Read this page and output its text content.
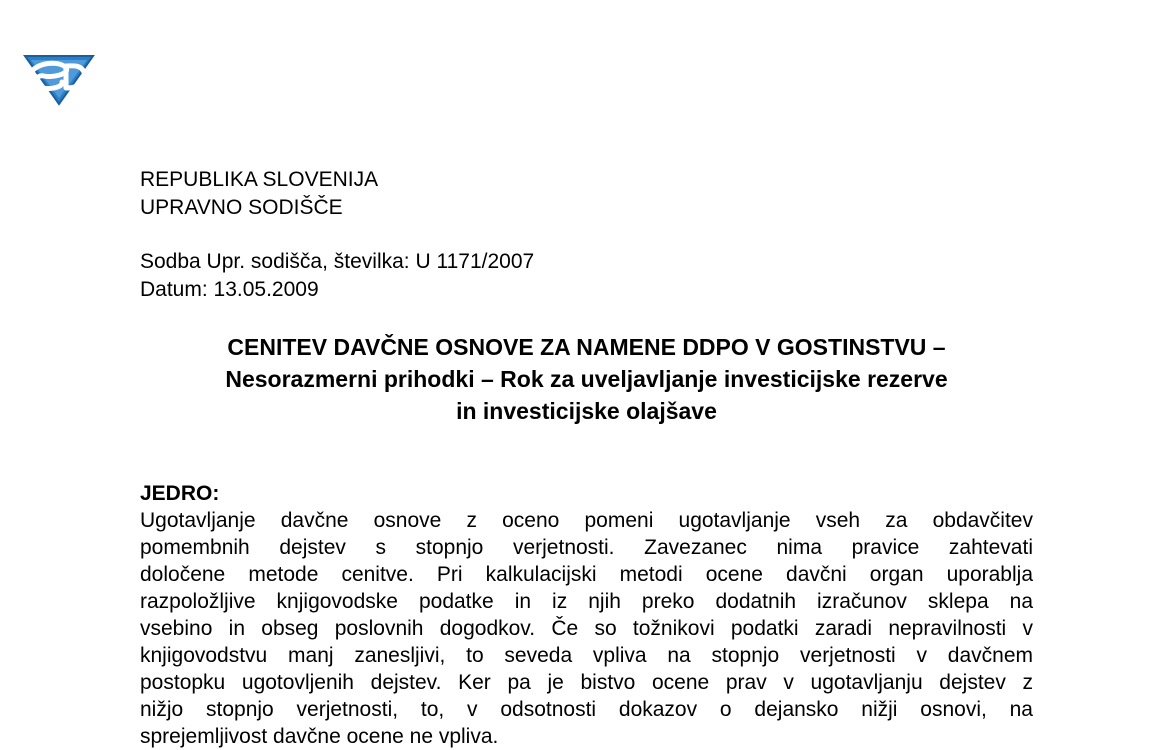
REPUBLIKA SLOVENIJA
UPRAVNO SODIŠČE
Sodba Upr. sodišča, številka: U 1171/2007
Datum: 13.05.2009
CENITEV DAVČNE OSNOVE ZA NAMENE DDPO V GOSTINSTVU –
Nesorazmerni prihodki – Rok za uveljavljanje investicijske rezerve
in investicijske olajšave
JEDRO:
Ugotavljanje davčne osnove z oceno pomeni ugotavljanje vseh za obdavčitev
pomembnih dejstev s stopnjo verjetnosti. Zavezanec nima pravice zahtevati
določene metode cenitve. Pri kalkulacijski metodi ocene davčni organ uporablja
razpoložljive knjigovodske podatke in iz njih preko dodatnih izračunov sklepa na
vsebino in obseg poslovnih dogodkov. Če so tožnikovi podatki zaradi nepravilnosti v
knjigovodstvu manj zanesljivi, to seveda vpliva na stopnjo verjetnosti v davčnem
postopku ugotovljenih dejstev. Ker pa je bistvo ocene prav v ugotavljanju dejstev z
nižjo stopnjo verjetnosti, to, v odsotnosti dokazov o dejansko nižji osnovi, na
sprejemljivost davčne ocene ne vpliva.
